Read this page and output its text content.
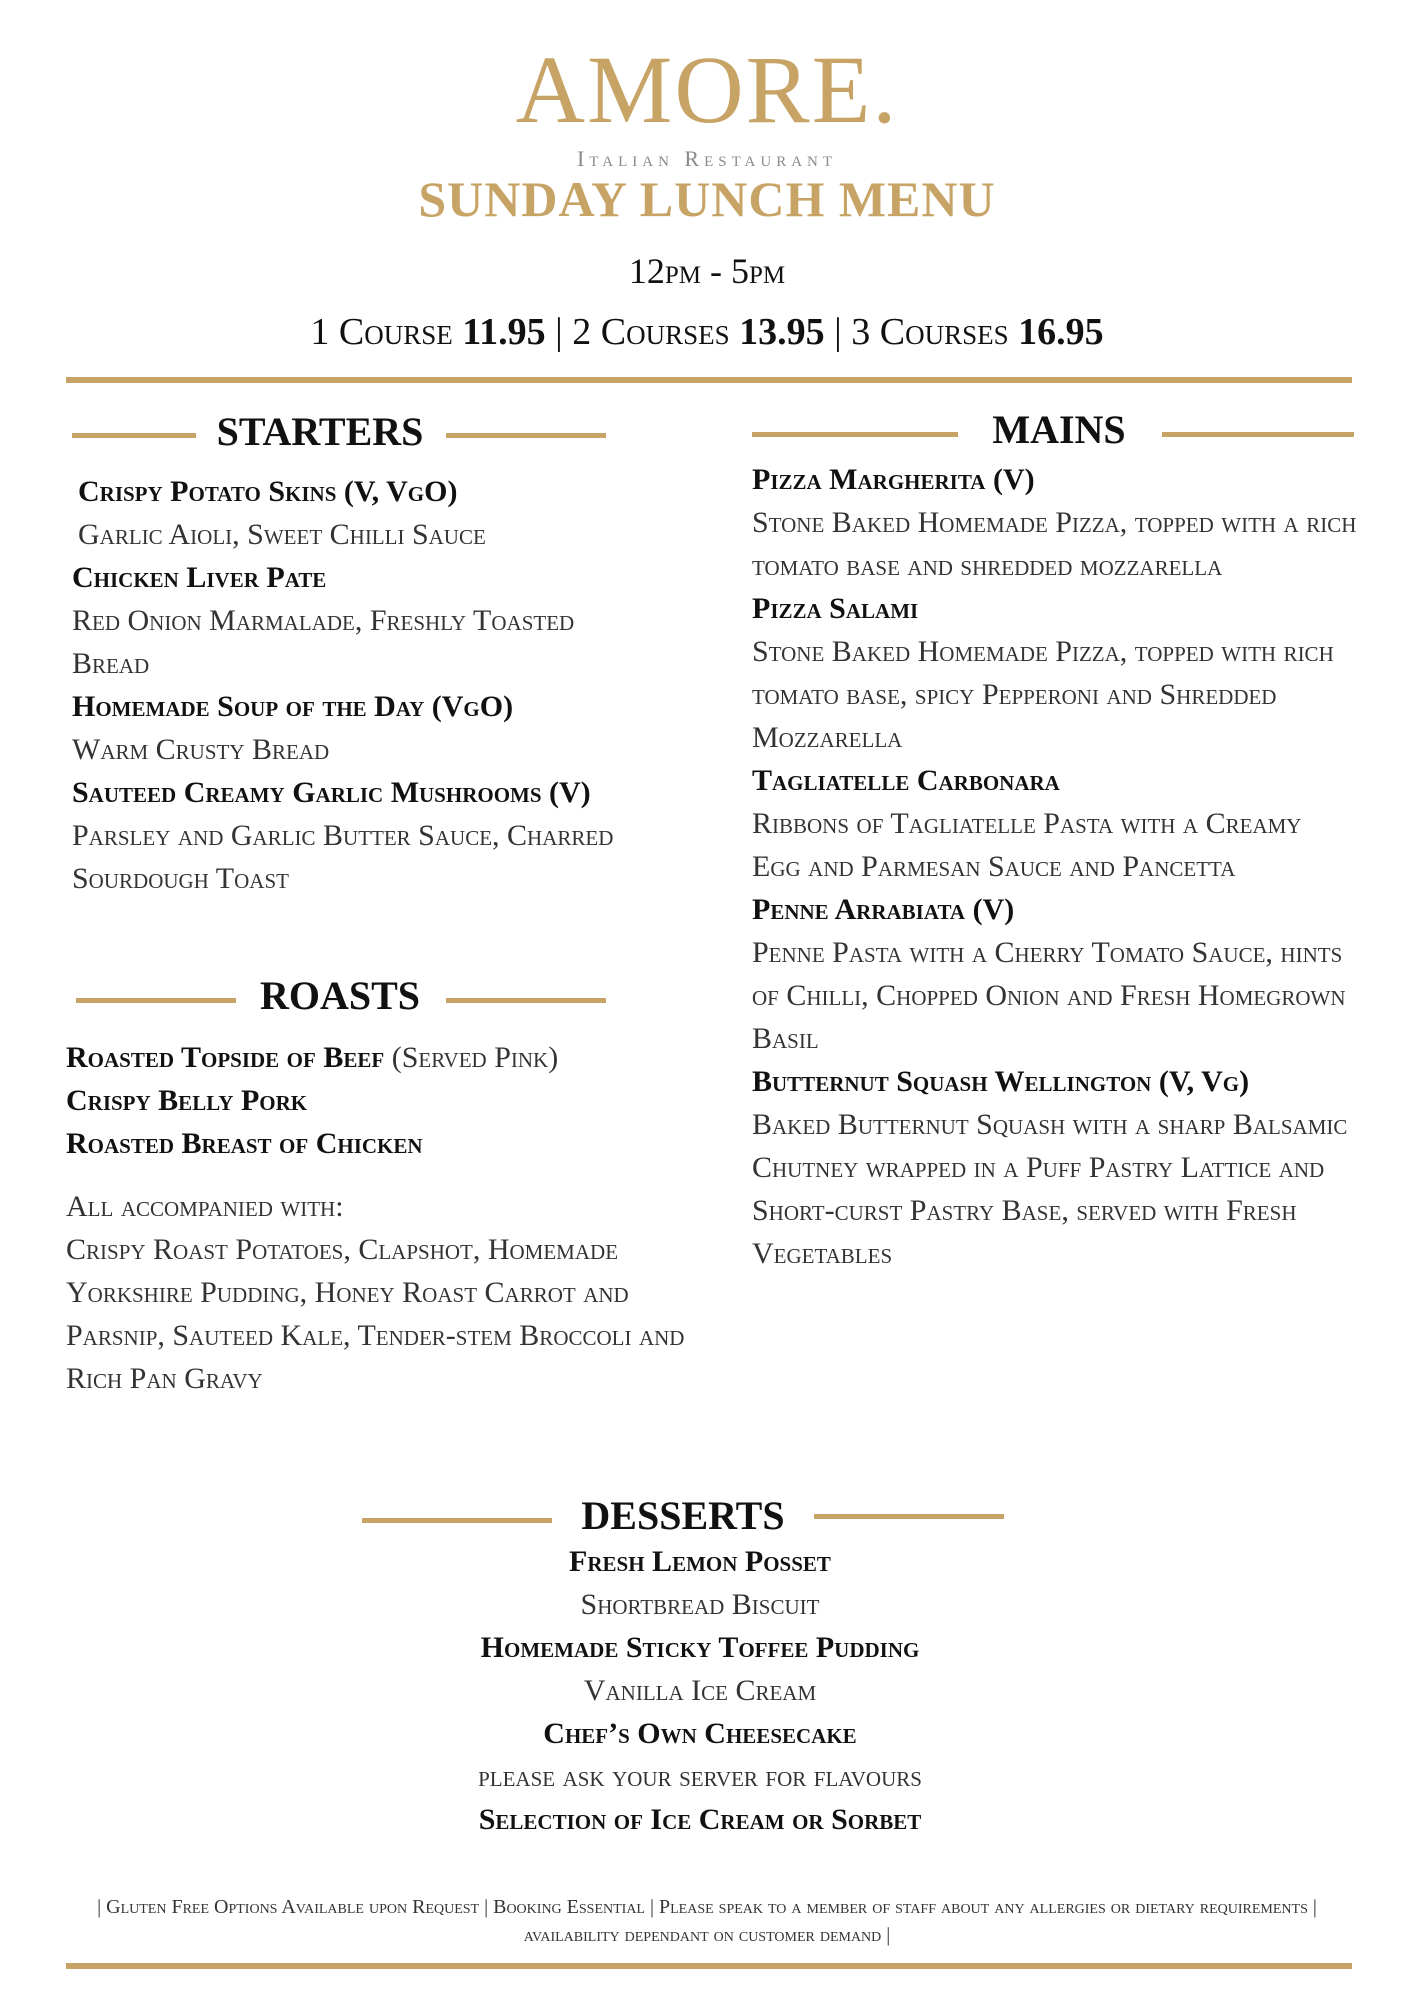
AMORE.
Italian Restaurant
SUNDAY LUNCH MENU
12pm - 5pm
1 Course 11.95 | 2 Courses 13.95 | 3 Courses 16.95
STARTERS
Crispy Potato Skins (V, VgO)
Garlic Aioli, Sweet Chilli Sauce
Chicken Liver Pate
Red Onion Marmalade, Freshly Toasted Bread
Homemade Soup of the Day (VgO)
Warm Crusty Bread
Sauteed Creamy Garlic Mushrooms (V)
Parsley and Garlic Butter Sauce, Charred Sourdough Toast
ROASTS
Roasted Topside of Beef (Served Pink)
Crispy Belly Pork
Roasted Breast of Chicken
All accompanied with:
Crispy Roast Potatoes, Clapshot, Homemade Yorkshire Pudding, Honey Roast Carrot and Parsnip, Sauteed Kale, Tender-stem Broccoli and Rich Pan Gravy
MAINS
Pizza Margherita (V)
Stone Baked Homemade Pizza, topped with a rich tomato base and shredded mozzarella
Pizza Salami
Stone Baked Homemade Pizza, topped with rich tomato base, spicy Pepperoni and Shredded Mozzarella
Tagliatelle Carbonara
Ribbons of Tagliatelle Pasta with a Creamy Egg and Parmesan Sauce and Pancetta
Penne Arrabiata (V)
Penne Pasta with a Cherry Tomato Sauce, hints of Chilli, Chopped Onion and Fresh Homegrown Basil
Butternut Squash Wellington (V, Vg)
Baked Butternut Squash with a sharp Balsamic Chutney wrapped in a Puff Pastry Lattice and Short-curst Pastry Base, served with Fresh Vegetables
DESSERTS
Fresh Lemon Posset
Shortbread Biscuit
Homemade Sticky Toffee Pudding
Vanilla Ice Cream
Chef’s Own Cheesecake
please ask your server for flavours
Selection of Ice Cream or Sorbet
| Gluten Free Options Available upon Request | Booking Essential | Please speak to a member of staff about any allergies or dietary requirements | availability dependant on customer demand |
